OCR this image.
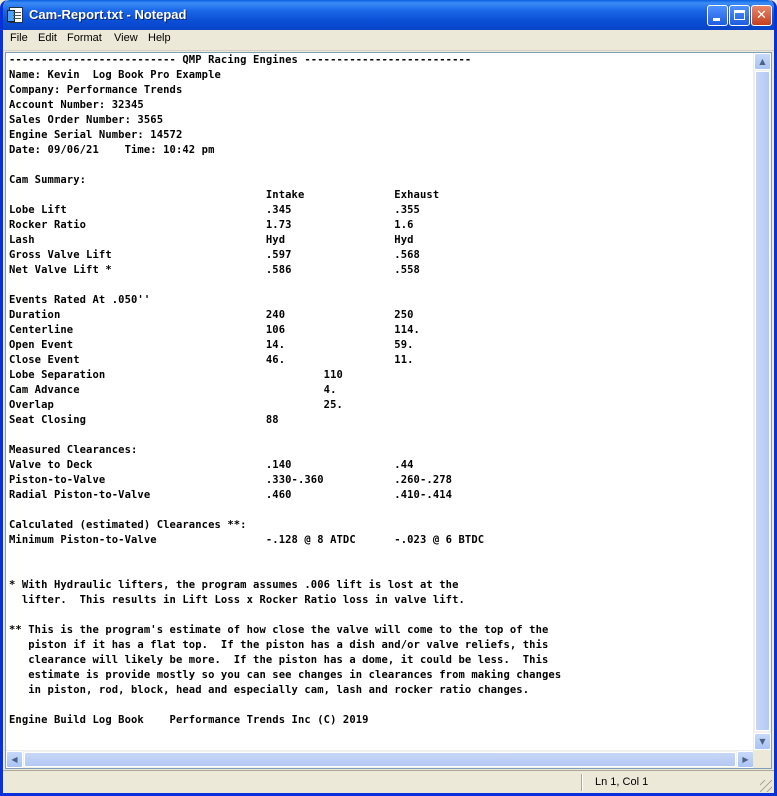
Cam-Report.txt - Notepad	✕
File Edit Format View Help
-------------------------- QMP Racing Engines --------------------------
Name: Kevin  Log Book Pro Example
Company: Performance Trends
Account Number: 32345
Sales Order Number: 3565
Engine Serial Number: 14572
Date: 09/06/21    Time: 10:42 pm

Cam Summary:
Intake              Exhaust
Lobe Lift                               .345                .355
Rocker Ratio                            1.73                1.6
Lash                                    Hyd                 Hyd
Gross Valve Lift                        .597                .568
Net Valve Lift *                        .586                .558

Events Rated At .050''
Duration                                240                 250
Centerline                              106                 114.
Open Event                              14.                 59.
Close Event                             46.                 11.
Lobe Separation                                  110
Cam Advance                                      4.
Overlap                                          25.
Seat Closing                            88

Measured Clearances:
Valve to Deck                           .140                .44
Piston-to-Valve                         .330-.360           .260-.278
Radial Piston-to-Valve                  .460                .410-.414

Calculated (estimated) Clearances **:
Minimum Piston-to-Valve                 -.128 @ 8 ATDC      -.023 @ 6 BTDC

* With Hydraulic lifters, the program assumes .006 lift is lost at the
lifter.  This results in Lift Loss x Rocker Ratio loss in valve lift.

** This is the program's estimate of how close the valve will come to the top of the
piston if it has a flat top.  If the piston has a dish and/or valve reliefs, this
clearance will likely be more.  If the piston has a dome, it could be less.  This
estimate is provide mostly so you can see changes in clearances from making changes
in piston, rod, block, head and especially cam, lash and rocker ratio changes.

Engine Build Log Book    Performance Trends Inc (C) 2019
▲
▼
◀	▶
Ln 1, Col 1
